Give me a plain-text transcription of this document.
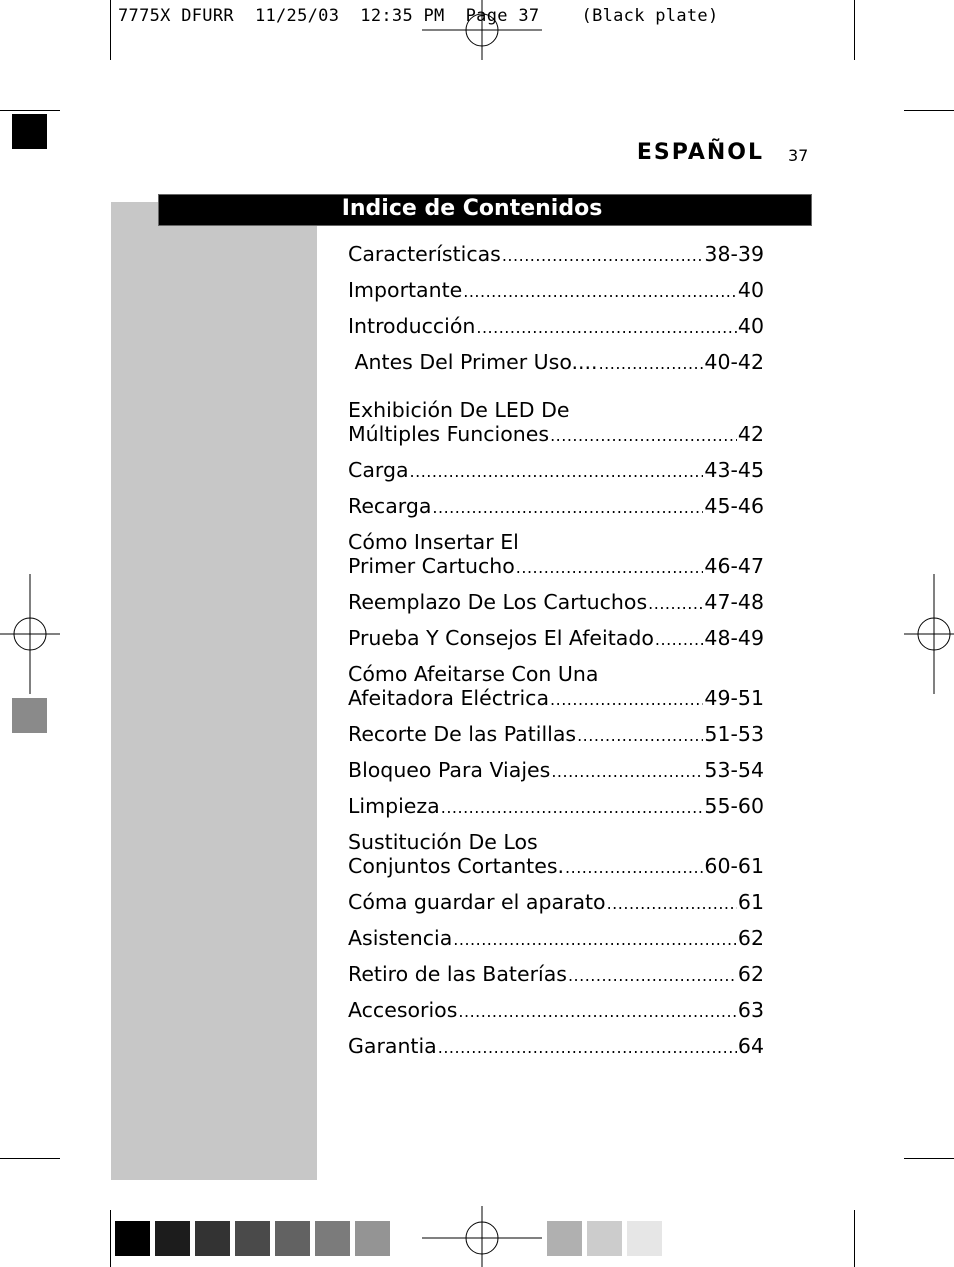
7775X DFURR  11/25/03  12:35 PM  Page 37    (Black plate)
ESPAÑOL 37
Indice de Contenidos
Características .....	38-39
Importante .....	40
Introducción .....	40
Antes Del Primer Uso.... .....	40-42
Exhibición De LED De
Múltiples Funciones .....	42
Carga .....	43-45
Recarga .....	45-46
Cómo Insertar El
Primer Cartucho .....	46-47
Reemplazo De Los Cartuchos .....	47-48
Prueba Y Consejos El Afeitado ..... 48-49
Cómo Afeitarse Con Una
Afeitadora Eléctrica .....	49-51
Recorte De las Patillas .....	51-53
Bloqueo Para Viajes .....	53-54
Limpieza .....	55-60
Sustitución De Los
Conjuntos Cortantes. .....	60-61
Cóma guardar el aparato .....	61
Asistencia .....	62
Retiro de las Baterías .....	62
Accesorios .....	63
Garantia .....	64
